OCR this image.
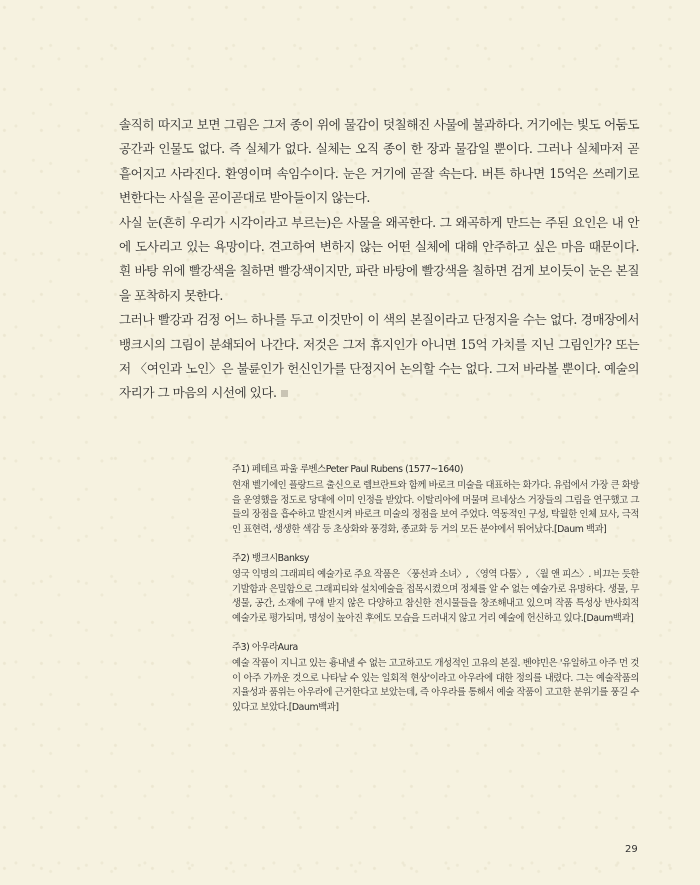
솔직히 따지고 보면 그림은 그저 종이 위에 물감이 덧칠해진 사물에 불과하다. 거기에는 빛도 어둠도 공간과 인물도 없다. 즉 실체가 없다. 실체는 오직 종이 한 장과 물감일 뿐이다. 그러나 실체마저 곧 흩어지고 사라진다. 환영이며 속임수이다. 눈은 거기에 곧잘 속는다. 버튼 하나면 15억은 쓰레기로 변한다는 사실을 곧이곧대로 받아들이지 않는다.

사실 눈(흔히 우리가 시각이라고 부르는)은 사물을 왜곡한다. 그 왜곡하게 만드는 주된 요인은 내 안에 도사리고 있는 욕망이다. 견고하여 변하지 않는 어떤 실체에 대해 안주하고 싶은 마음 때문이다. 흰 바탕 위에 빨강색을 칠하면 빨강색이지만, 파란 바탕에 빨강색을 칠하면 검게 보이듯이 눈은 본질을 포착하지 못한다.

그러나 빨강과 검정 어느 하나를 두고 이것만이 이 색의 본질이라고 단정지을 수는 없다. 경매장에서 뱅크시의 그림이 분쇄되어 나간다. 저것은 그저 휴지인가 아니면 15억 가치를 지닌 그림인가? 또는 저 〈여인과 노인〉은 불륜인가 헌신인가를 단정지어 논의할 수는 없다. 그저 바라볼 뿐이다. 예술의 자리가 그 마음의 시선에 있다.

주1) 페테르 파울 루벤스Peter Paul Rubens (1577~1640)

현재 벨기에인 플랑드르 출신으로 렘브란트와 함께 바로크 미술을 대표하는 화가다. 유럽에서 가장 큰 화방을 운영했을 정도로 당대에 이미 인정을 받았다. 이탈리아에 머물며 르네상스 거장들의 그림을 연구했고 그들의 장점을 흡수하고 발전시켜 바로크 미술의 정점을 보여 주었다. 역동적인 구성, 탁월한 인체 묘사, 극적인 표현력, 생생한 색감 등 초상화와 풍경화, 종교화 등 거의 모든 분야에서 뛰어났다.[Daum 백과]

주2) 뱅크시Banksy

영국 익명의 그래피티 예술가로 주요 작품은 〈풍선과 소녀〉, 〈영역 다툼〉, 〈월 앤 피스〉. 비끄는 듯한 기발함과 은밀함으로 그래피티와 설치예술을 접목시켰으며 정체를 알 수 없는 예술가로 유명하다. 생물, 무생물, 공간, 소재에 구애 받지 않은 다양하고 참신한 전시물들을 창조해내고 있으며 작품 특성상 반사회적 예술가로 평가되며, 명성이 높아진 후에도 모습을 드러내지 않고 거리 예술에 헌신하고 있다.[Daum백과]

주3) 아우라Aura

예술 작품이 지니고 있는 흉내낼 수 없는 고고하고도 개성적인 고유의 본질. 벤야민은 '유일하고 아주 먼 것이 아주 가까운 것으로 나타날 수 있는 일회적 현상'이라고 아우라에 대한 정의를 내렸다. 그는 예술작품의 지율성과 품위는 아우라에 근거한다고 보았는데, 즉 아우라를 통해서 예술 작품이 고고한 분위기를 풍길 수 있다고 보았다.[Daum백과]

29
